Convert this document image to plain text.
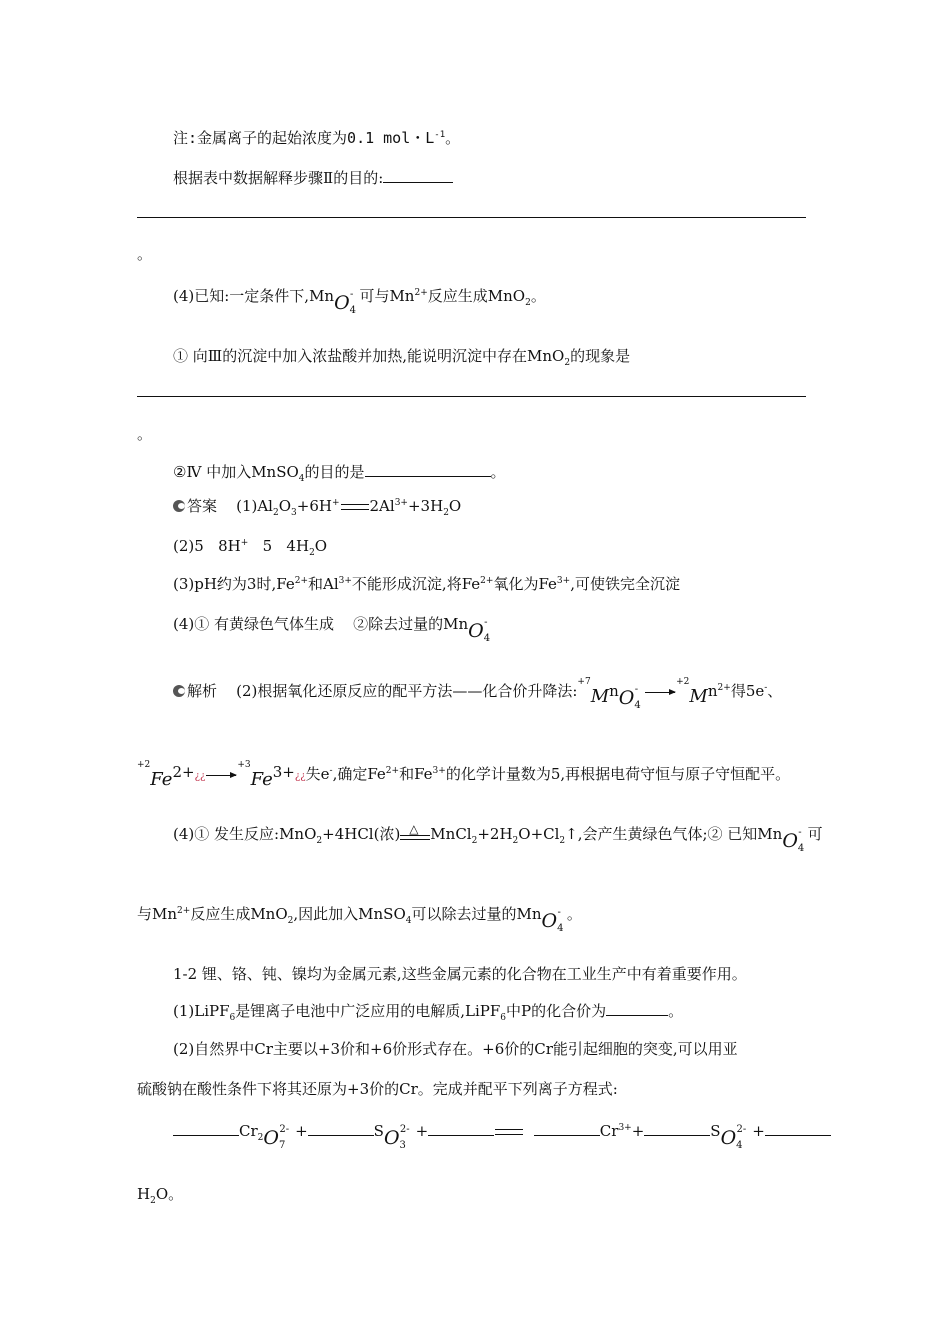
注:金属离子的起始浓度为0.1 mol・$L^{-1}$。
根据表中数据解释步骤Ⅱ的目的:
。
(4)已知:一定条件下,MnO$_4$- 可与$Mn^{2+}$反应生成MnO$_2$。
① 向Ⅲ的沉淀中加入浓盐酸并加热,能说明沉淀中存在MnO$_2$的现象是
。
②Ⅳ 中加入MnSO$_4$的目的是	。
答案 $(1)Al_2O_3+6H^+$ $2Al^{3+}+3H_2O$
(2)5   8H+   5   $4H_2O$
(3)pH约为3时$,Fe^{2+}$和$Al^{3+}$不能形成沉淀,将$Fe^{2+}$氧化为$Fe^{3+}$,可使铁完全沉淀
(4)① 有黄绿色气体生成    ②除去过量的MnO$_4$-
解析 (2)根据氧化还原反应的配平方法——化合价升降法$:^{+7}MnO_4^{-+2}Mn^{2+}$得5e-、
$^{+2}$Fe2+¿¿$^{+3}$Fe3+¿¿失e-,确定$Fe^{2+}$和$Fe^{3+}$的化学计量数为5,再根据电荷守恒与原子守恒配平。
(4)① 发生反应:MnO$_2$+4HCl(浓) △ $MnCl_2+2H_2O+Cl_2↑$,会产生黄绿色气体;② 已知MnO$_4$- 可
与$Mn^{2+}$反应生成MnO$_2$,因此加入MnSO$_4$可以除去过量的MnO$_4$- 。
1-2 锂、铬、钝、镍均为金属元素,这些金属元素的化合物在工业生产中有着重要作用。
(1)LiPF$_6$是锂离子电池中广泛应用的电解质,LiPF$_6$中P的化合价为	。
(2)自然界中Cr主要以+3价和+6价形式存在。+6价的Cr能引起细胞的突变,可以用亚
硫酸钠在酸性条件下将其还原为+3价的Cr。完成并配平下列离子方程式:
$Cr_2O_7^{2-}$ +	$SO_3^{2-}$ +	$Cr^{3+}+$	$SO_4^{2-}$ +
$H_2O$。
